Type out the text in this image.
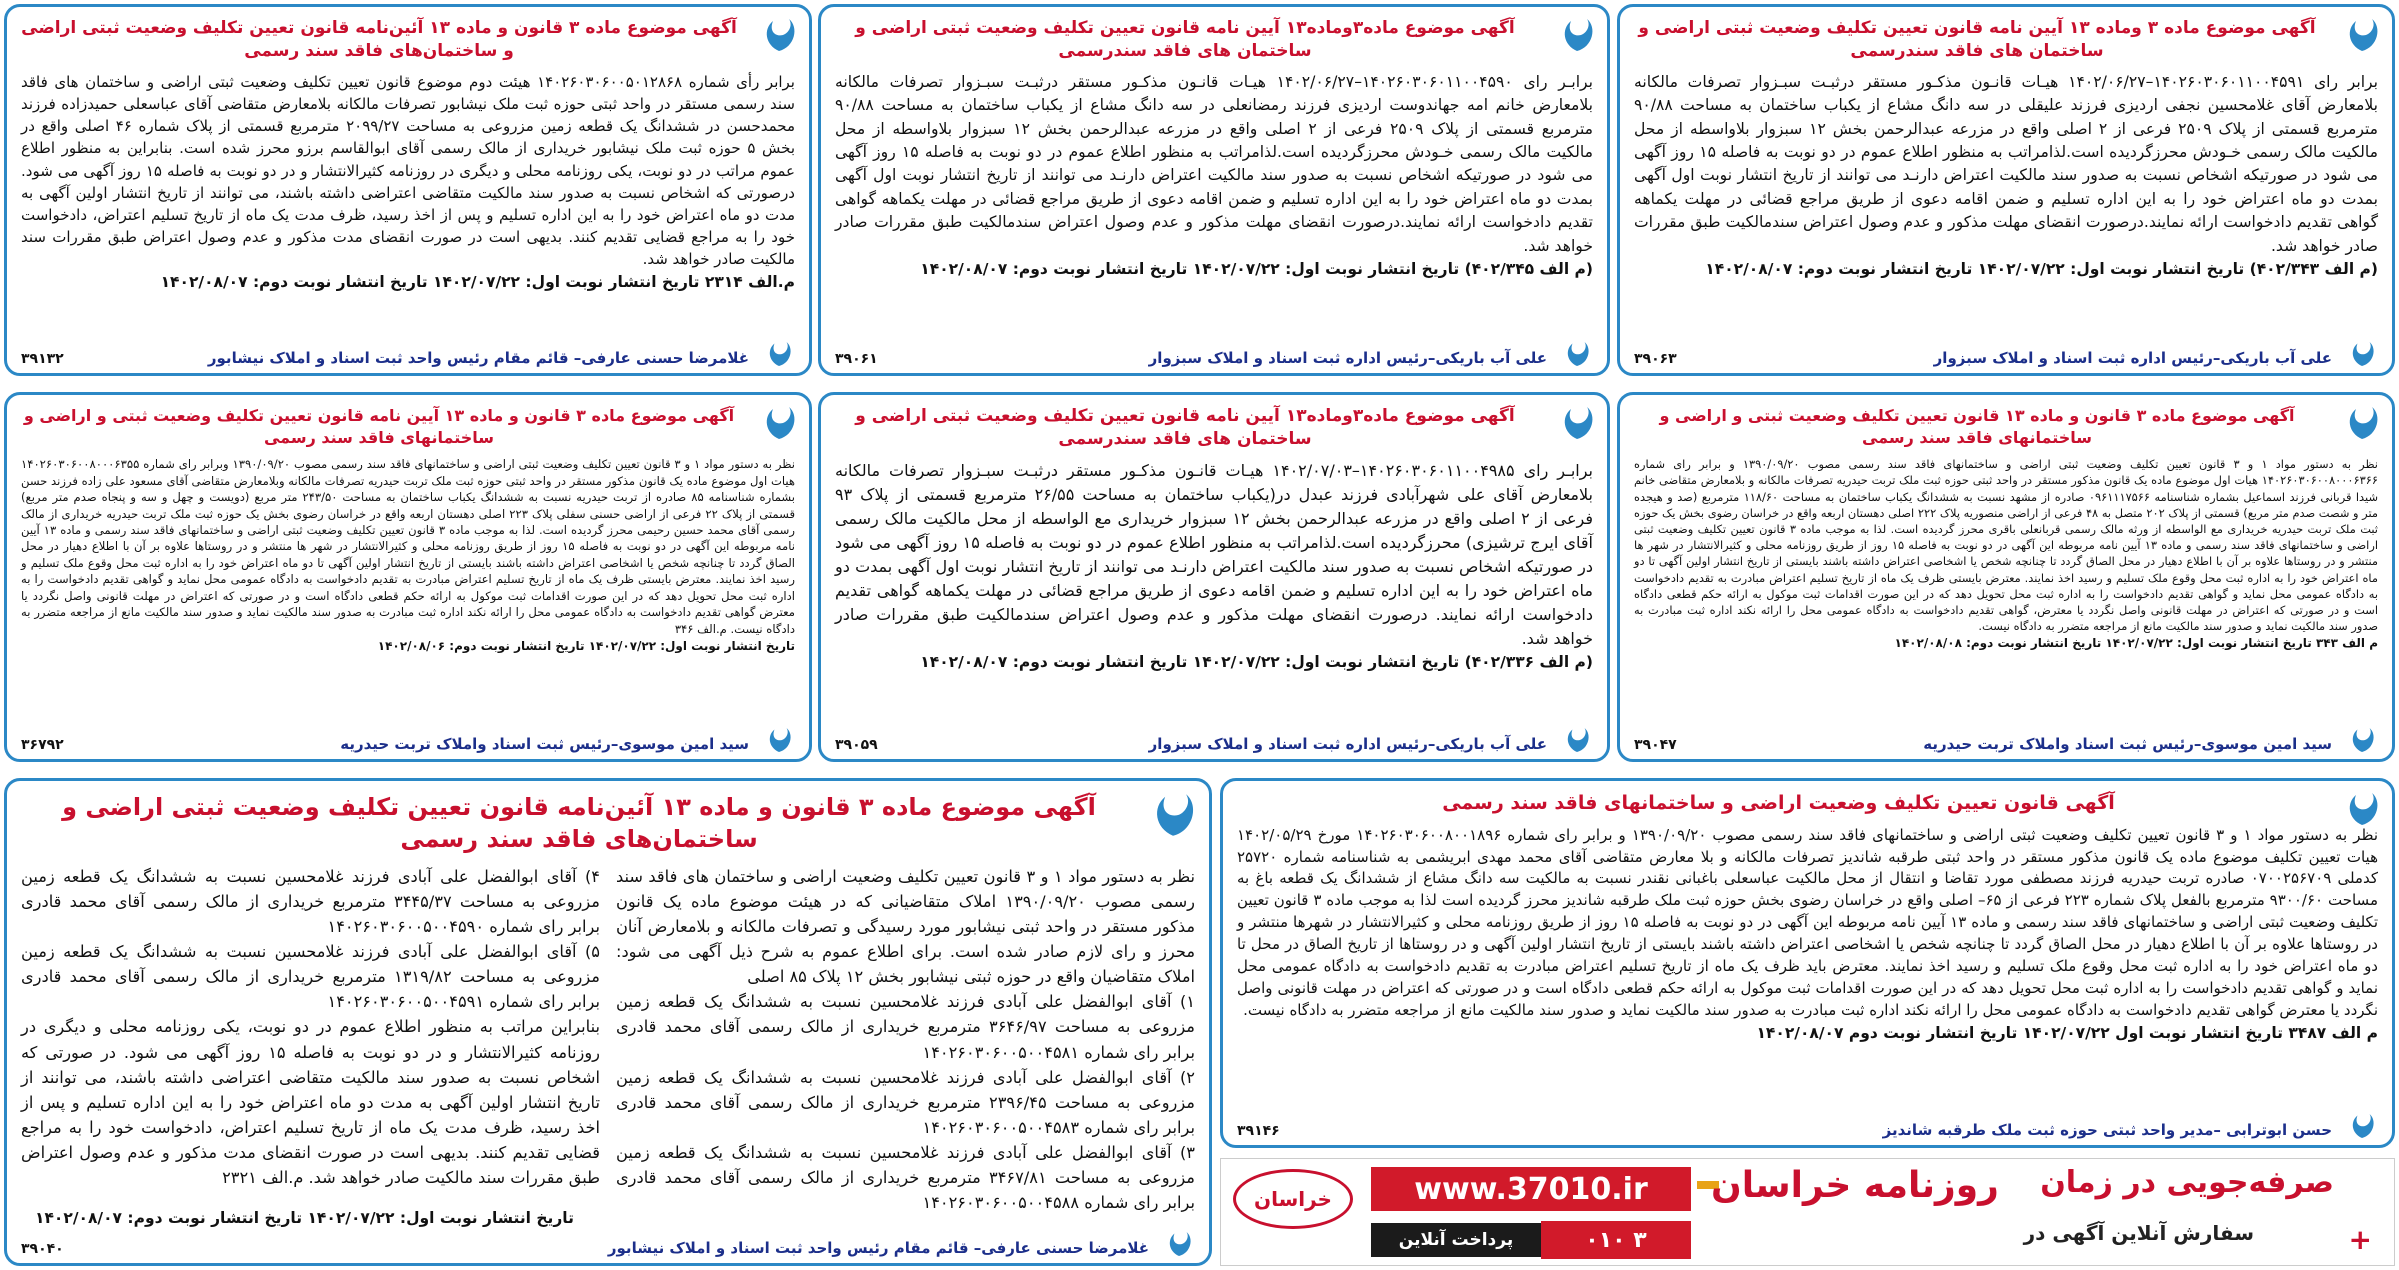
آگهی موضوع ماده ۳ وماده ۱۳ آیین نامه قانون تعیین تکلیف وضعیت ثبتی اراضی و ساختمان های فاقد سندرسمی
برابر رای ۱۴۰۲۶۰۳۰۶۰۱۱۰۰۴۵۹۱–۱۴۰۲/۰۶/۲۷ هیـات قانـون مذکـور مستقر درثبـت سبـزوار تصرفات مالکانه بلامعارض آقای غلامحسین نجفی اردیزی فرزند علیقلی در سه دانگ مشاع از یکباب ساختمان به مساحت ۹۰/۸۸ مترمربع قسمتی از پلاک ۲۵۰۹ فرعی از ۲ اصلی واقع در مزرعه عبدالرحمن بخش ۱۲ سبزوار بلاواسطه از محل مالکیت مالک رسمی خـودش محرزگردیده است.لذامراتب به منظور اطلاع عموم در دو نوبت به فاصله ۱۵ روز آگهی می شود در صورتیکه اشخاص نسبت به صدور سند مالکیت اعتراض دارنـد می توانند از تاریخ انتشار نوبت اول آگهی بمدت دو ماه اعتراض خود را به این اداره تسلیم و ضمن اقامه دعوی از طریق مراجع قضائی در مهلت یکماهه گواهی تقدیم دادخواست ارائه نمایند.درصورت انقضای مهلت مذکور و عدم وصول اعتراض سندمالکیت طبق مقررات صادر خواهد شد.
(م الف ۴۰۲/۳۴۳) تاریخ انتشار نوبت اول: ۱۴۰۲/۰۷/۲۲ تاریخ انتشار نوبت دوم: ۱۴۰۲/۰۸/۰۷
علی آب باریکی–رئیس اداره ثبت اسناد و املاک سبزوار
۳۹۰۶۳
آگهی موضوع ماده۳وماده۱۳ آیین نامه قانون تعیین تکلیف وضعیت ثبتی اراضی و ساختمان های فاقد سندرسمی
برابـر رای ۱۴۰۲۶۰۳۰۶۰۱۱۰۰۴۵۹۰–۱۴۰۲/۰۶/۲۷ هیـات قانـون مذکـور مستقر درثبـت سبـزوار تصرفات مالکانه بلامعارض خانم امه جهاندوست اردیزی فرزند رمضانعلی در سه دانگ مشاع از یکباب ساختمان به مساحت ۹۰/۸۸ مترمربع قسمتی از پلاک ۲۵۰۹ فرعی از ۲ اصلی واقع در مزرعه عبدالرحمن بخش ۱۲ سبزوار بلاواسطه از محل مالکیت مالک رسمی خـودش محرزگردیده است.لذامراتب به منظور اطلاع عموم در دو نوبت به فاصله ۱۵ روز آگهی می شود در صورتیکه اشخاص نسبت به صدور سند مالکیت اعتراض دارنـد می توانند از تاریخ انتشار نوبت اول آگهی بمدت دو ماه اعتراض خود را به این اداره تسلیم و ضمن اقامه دعوی از طریق مراجع قضائی در مهلت یکماهه گواهی تقدیم دادخواست ارائه نمایند.درصورت انقضای مهلت مذکور و عدم وصول اعتراض سندمالکیت طبق مقررات صادر خواهد شد.
(م الف ۴۰۲/۳۴۵) تاریخ انتشار نوبت اول: ۱۴۰۲/۰۷/۲۲ تاریخ انتشار نوبت دوم: ۱۴۰۲/۰۸/۰۷
علی آب باریکی–رئیس اداره ثبت اسناد و املاک سبزوار
۳۹۰۶۱
آگهی موضوع ماده ۳ قانون و ماده ۱۳ آئین‌نامه قانون تعیین تکلیف وضعیت ثبتی اراضی و ساختمان‌های فاقد سند رسمی
برابر رأی شماره ۱۴۰۲۶۰۳۰۶۰۰۵۰۱۲۸۶۸ هیئت دوم موضوع قانون تعیین تکلیف وضعیت ثبتی اراضی و ساختمان های فاقد سند رسمی مستقر در واحد ثبتی حوزه ثبت ملک نیشابور تصرفات مالکانه بلامعارض متقاضی آقای عباسعلی حمیدزاده فرزند محمدحسن در ششدانگ یک قطعه زمین مزروعی به مساحت ۲۰۹۹/۲۷ مترمربع قسمتی از پلاک شماره ۴۶ اصلی واقع در بخش ۵ حوزه ثبت ملک نیشابور خریداری از مالک رسمی آقای ابوالقاسم برزو محرز شده است. بنابراین به منظور اطلاع عموم مراتب در دو نوبت، یکی روزنامه محلی و دیگری در روزنامه کثیرالانتشار و در دو نوبت به فاصله ۱۵ روز آگهی می شود. درصورتی که اشخاص نسبت به صدور سند مالکیت متقاضی اعتراضی داشته باشند، می توانند از تاریخ انتشار اولین آگهی به مدت دو ماه اعتراض خود را به این اداره تسلیم و پس از اخذ رسید، ظرف مدت یک ماه از تاریخ تسلیم اعتراض، دادخواست خود را به مراجع قضایی تقدیم کنند. بدیهی است در صورت انقضای مدت مذکور و عدم وصول اعتراض طبق مقررات سند مالکیت صادر خواهد شد.
م.الف ۲۳۱۴ تاریخ انتشار نوبت اول: ۱۴۰۲/۰۷/۲۲ تاریخ انتشار نوبت دوم: ۱۴۰۲/۰۸/۰۷
غلامرضا حسنی عارفی– قائم مقام رئیس واحد ثبت اسناد و املاک نیشابور
۳۹۱۳۲
آگهی موضوع ماده ۳ قانون و ماده ۱۳ قانون تعیین تکلیف وضعیت ثبتی و اراضی و ساختمانهای فاقد سند رسمی
نظر به دستور مواد ۱ و ۳ قانون تعیین تکلیف وضعیت ثبتی اراضی و ساختمانهای فاقد سند رسمی مصوب ۱۳۹۰/۰۹/۲۰ و برابر رای شماره ۱۴۰۲۶۰۳۰۶۰۰۸۰۰۰۶۳۶۶ هیات اول موضوع ماده یک قانون مذکور مستقر در واحد ثبتی حوزه ثبت ملک تربت حیدریه تصرفات مالکانه و بلامعارض متقاضی خانم شیدا قربانی فرزند اسماعیل بشماره شناسنامه ۰۹۶۱۱۱۷۵۶۶ صادره از مشهد نسبت به ششدانگ یکباب ساختمان به مساحت ۱۱۸/۶۰ مترمربع (صد و هیجده متر و شصت صدم متر مربع) قسمتی از پلاک ۲۰۲ متصل به ۴۸ فرعی از اراضی منصوریه پلاک ۲۲۲ اصلی دهستان اربعه واقع در خراسان رضوی بخش یک حوزه ثبت ملک تربت حیدریه خریداری مع الواسطه از ورثه مالک رسمی قربانعلی باقری محرز گردیده است. لذا به موجب ماده ۳ قانون تعیین تکلیف وضعیت ثبتی اراضی و ساختمانهای فاقد سند رسمی و ماده ۱۳ آیین نامه مربوطه این آگهی در دو نوبت به فاصله ۱۵ روز از طریق روزنامه محلی و کثیرالانتشار در شهر ها منتشر و در روستاها علاوه بر آن با اطلاع دهیار در محل الصاق گردد تا چنانچه شخص یا اشخاصی اعتراض داشته باشند بایستی از تاریخ انتشار اولین آگهی تا دو ماه اعتراض خود را به اداره ثبت محل وقوع ملک تسلیم و رسید اخذ نمایند. معترض بایستی ظرف یک ماه از تاریخ تسلیم اعتراض مبادرت به تقدیم دادخواست به دادگاه عمومی محل نماید و گواهی تقدیم دادخواست را به اداره ثبت محل تحویل دهد که در این صورت اقدامات ثبت موکول به ارائه حکم قطعی دادگاه است و در صورتی که اعتراض در مهلت قانونی واصل نگردد یا معترض، گواهی تقدیم دادخواست به دادگاه عمومی محل را ارائه نکند اداره ثبت مبادرت به صدور سند مالکیت نماید و صدور سند مالکیت مانع از مراجعه متضرر به دادگاه نیست.
م الف ۳۴۳ تاریخ انتشار نوبت اول: ۱۴۰۲/۰۷/۲۲ تاریخ انتشار نوبت دوم: ۱۴۰۲/۰۸/۰۸
سید امین موسوی–رئیس ثبت اسناد واملاک تربت حیدریه
۳۹۰۴۷
آگهی موضوع ماده۳وماده۱۳ آیین نامه قانون تعیین تکلیف وضعیت ثبتی اراضی و ساختمان های فاقد سندرسمی
برابـر رای ۱۴۰۲۶۰۳۰۶۰۱۱۰۰۴۹۸۵–۱۴۰۲/۰۷/۰۳ هیـات قانـون مذکـور مستقر درثبـت سبـزوار تصرفات مالکانه بلامعارض آقای علی شهرآبادی فرزند عبدل در(یکباب ساختمان به مساحت ۲۶/۵۵ مترمربع قسمتی از پلاک ۹۳ فرعی از ۲ اصلی واقع در مزرعه عبدالرحمن بخش ۱۲ سبزوار خریداری مع الواسطه از محل مالکیت مالک رسمی آقای ایرج ترشیزی) محرزگردیده است.لذامراتب به منظور اطلاع عموم در دو نوبت به فاصله ۱۵ روز آگهی می شود در صورتیکه اشخاص نسبت به صدور سند مالکیت اعتراض دارنـد می توانند از تاریخ انتشار نوبت اول آگهی بمدت دو ماه اعتراض خود را به این اداره تسلیم و ضمن اقامه دعوی از طریق مراجع قضائی در مهلت یکماهه گواهی تقدیم دادخواست ارائه نمایند. درصورت انقضای مهلت مذکور و عدم وصول اعتراض سندمالکیت طبق مقررات صادر خواهد شد.
(م الف ۴۰۲/۳۳۶) تاریخ انتشار نوبت اول: ۱۴۰۲/۰۷/۲۲ تاریخ انتشار نوبت دوم: ۱۴۰۲/۰۸/۰۷
علی آب باریکی–رئیس اداره ثبت اسناد و املاک سبزوار
۳۹۰۵۹
آگهی موضوع ماده ۳ قانون و ماده ۱۳ آیین نامه قانون تعیین تکلیف وضعیت ثبتی و اراضی و ساختمانهای فاقد سند رسمی
نظر به دستور مواد ۱ و ۳ قانون تعیین تکلیف وضعیت ثبتی اراضی و ساختمانهای فاقد سند رسمی مصوب ۱۳۹۰/۰۹/۲۰ وبرابر رای شماره ۱۴۰۲۶۰۳۰۶۰۰۸۰۰۰۶۳۵۵ هیات اول موضوع ماده یک قانون مذکور مستقر در واحد ثبتی حوزه ثبت ملک تربت حیدریه تصرفات مالکانه وبلامعارض متقاضی آقای مسعود علی زاده فرزند حسن بشماره شناسنامه ۸۵ صادره از تربت حیدریه نسبت به ششدانگ یکباب ساختمان به مساحت ۲۴۳/۵۰ متر مربع (دویست و چهل و سه و پنجاه صدم متر مربع) قسمتی از پلاک ۲۲ فرعی از اراضی حسنی سفلی پلاک ۲۲۳ اصلی دهستان اربعه واقع در خراسان رضوی بخش یک حوزه ثبت ملک تربت حیدریه خریداری از مالک رسمی آقای محمد حسین رحیمی محرز گردیده است. لذا به موجب ماده ۳ قانون تعیین تکلیف وضعیت ثبتی اراضی و ساختمانهای فاقد سند رسمی و ماده ۱۳ آیین نامه مربوطه این آگهی در دو نوبت به فاصله ۱۵ روز از طریق روزنامه محلی و کثیرالانتشار در شهر ها منتشر و در روستاها علاوه بر آن با اطلاع دهیار در محل الصاق گردد تا چنانچه شخص یا اشخاصی اعتراض داشته باشند بایستی از تاریخ انتشار اولین آگهی تا دو ماه اعتراض خود را به اداره ثبت محل وقوع ملک تسلیم و رسید اخذ نمایند. معترض بایستی ظرف یک ماه از تاریخ تسلیم اعتراض مبادرت به تقدیم دادخواست به دادگاه عمومی محل نماید و گواهی تقدیم دادخواست را به اداره ثبت محل تحویل دهد که در این صورت اقدامات ثبت موکول به ارائه حکم قطعی دادگاه است و در صورتی که اعتراض در مهلت قانونی واصل نگردد یا معترض گواهی تقدیم دادخواست به دادگاه عمومی محل را ارائه نکند اداره ثبت مبادرت به صدور سند مالکیت نماید و صدور سند مالکیت مانع از مراجعه متضرر به دادگاه نیست. م.الف ۳۴۶
تاریخ انتشار نوبت اول: ۱۴۰۲/۰۷/۲۲ تاریخ انتشار نوبت دوم: ۱۴۰۲/۰۸/۰۶
سید امین موسوی–رئیس ثبت اسناد واملاک تربت حیدریه
۳۶۷۹۲
آگهی قانون تعیین تکلیف وضعیت اراضی و ساختمانهای فاقد سند رسمی
نظر به دستور مواد ۱ و ۳ قانون تعیین تکلیف وضعیت ثبتی اراضی و ساختمانهای فاقد سند رسمی مصوب ۱۳۹۰/۰۹/۲۰ و برابر رای شماره ۱۴۰۲۶۰۳۰۶۰۰۸۰۰۱۸۹۶ مورخ ۱۴۰۲/۰۵/۲۹ هیات تعیین تکلیف موضوع ماده یک قانون مذکور مستقر در واحد ثبتی طرقبه شاندیز تصرفات مالکانه و بلا معارض متقاضی آقای محمد مهدی ابریشمی به شناسنامه شماره ۲۵۷۲۰ کدملی ۰۷۰۰۲۵۶۷۰۹ صادره تربت حیدریه فرزند مصطفی مورد تقاضا و انتقال از محل مالکیت عباسعلی باغبانی نقندر نسبت به مالکیت سه دانگ مشاع از ششدانگ یک قطعه باغ به مساحت ۹۳۰۰/۶۰ مترمربع بالفعل پلاک شماره ۲۲۳ فرعی از ۶۵– اصلی واقع در خراسان رضوی بخش حوزه ثبت ملک طرقبه شاندیز محرز گردیده است لذا به موجب ماده ۳ قانون تعیین تکلیف وضعیت ثبتی اراضی و ساختمانهای فاقد سند رسمی و ماده ۱۳ آیین نامه مربوطه این آگهی در دو نوبت به فاصله ۱۵ روز از طریق روزنامه محلی و کثیرالانتشار در شهرها منتشر و در روستاها علاوه بر آن با اطلاع دهیار در محل الصاق گردد تا چنانچه شخص یا اشخاصی اعتراض داشته باشند بایستی از تاریخ انتشار اولین آگهی و در روستاها از تاریخ الصاق در محل تا دو ماه اعتراض خود را به اداره ثبت محل وقوع ملک تسلیم و رسید اخذ نمایند. معترض باید ظرف یک ماه از تاریخ تسلیم اعتراض مبادرت به تقدیم دادخواست به دادگاه عمومی محل نماید و گواهی تقدیم دادخواست را به اداره ثبت محل تحویل دهد که در این صورت اقدامات ثبت موکول به ارائه حکم قطعی دادگاه است و در صورتی که اعتراض در مهلت قانونی واصل نگردد یا معترض گواهی تقدیم دادخواست به دادگاه عمومی محل را ارائه نکند اداره ثبت مبادرت به صدور سند مالکیت نماید و صدور سند مالکیت مانع از مراجعه متضرر به دادگاه نیست.
م الف ۳۴۸۷ تاریخ انتشار نوبت اول ۱۴۰۲/۰۷/۲۲ تاریخ انتشار نوبت دوم ۱۴۰۲/۰۸/۰۷
حسن ابوترابی –مدیر واحد ثبتی حوزه ثبت ملک طرقبه شاندیز
۳۹۱۴۶
آگهی موضوع ماده ۳ قانون و ماده ۱۳ آئین‌نامه قانون تعیین تکلیف وضعیت ثبتی اراضی و ساختمان‌های فاقد سند رسمی
نظر به دستور مواد ۱ و ۳ قانون تعیین تکلیف وضعیت اراضی و ساختمان های فاقد سند رسمی مصوب ۱۳۹۰/۰۹/۲۰ املاک متقاضیانی که در هیئت موضوع ماده یک قانون مذکور مستقر در واحد ثبتی نیشابور مورد رسیدگی و تصرفات مالکانه و بلامعارض آنان محرز و رای لازم صادر شده است. برای اطلاع عموم به شرح ذیل آگهی می شود: املاک متقاضیان واقع در حوزه ثبتی نیشابور بخش ۱۲ پلاک ۸۵ اصلی
۱) آقای ابوالفضل علی آبادی فرزند غلامحسین نسبت به ششدانگ یک قطعه زمین مزروعی به مساحت ۳۶۴۶/۹۷ مترمربع خریداری از مالک رسمی آقای محمد قادری برابر رای شماره ۱۴۰۲۶۰۳۰۶۰۰۵۰۰۴۵۸۱
۲) آقای ابوالفضل علی آبادی فرزند غلامحسین نسبت به ششدانگ یک قطعه زمین مزروعی به مساحت ۲۳۹۶/۴۵ مترمربع خریداری از مالک رسمی آقای محمد قادری برابر رای شماره ۱۴۰۲۶۰۳۰۶۰۰۵۰۰۴۵۸۳
۳) آقای ابوالفضل علی آبادی فرزند غلامحسین نسبت به ششدانگ یک قطعه زمین مزروعی به مساحت ۳۴۶۷/۸۱ مترمربع خریداری از مالک رسمی آقای محمد قادری برابر رای شماره ۱۴۰۲۶۰۳۰۶۰۰۵۰۰۴۵۸۸
۴) آقای ابوالفضل علی آبادی فرزند غلامحسین نسبت به ششدانگ یک قطعه زمین مزروعی به مساحت ۳۴۴۵/۳۷ مترمربع خریداری از مالک رسمی آقای محمد قادری برابر رای شماره ۱۴۰۲۶۰۳۰۶۰۰۵۰۰۴۵۹۰
۵) آقای ابوالفضل علی آبادی فرزند غلامحسین نسبت به ششدانگ یک قطعه زمین مزروعی به مساحت ۱۳۱۹/۸۲ مترمربع خریداری از مالک رسمی آقای محمد قادری برابر رای شماره ۱۴۰۲۶۰۳۰۶۰۰۵۰۰۴۵۹۱
بنابراین مراتب به منظور اطلاع عموم در دو نوبت، یکی روزنامه محلی و دیگری در روزنامه کثیرالانتشار و در دو نوبت به فاصله ۱۵ روز آگهی می شود. در صورتی که اشخاص نسبت به صدور سند مالکیت متقاضی اعتراضی داشته باشند، می توانند از تاریخ انتشار اولین آگهی به مدت دو ماه اعتراض خود را به این اداره تسلیم و پس از اخذ رسید، ظرف مدت یک ماه از تاریخ تسلیم اعتراض، دادخواست خود را به مراجع قضایی تقدیم کنند. بدیهی است در صورت انقضای مدت مذکور و عدم وصول اعتراض طبق مقررات سند مالکیت صادر خواهد شد. م.الف ۲۳۲۱
تاریخ انتشار نوبت اول: ۱۴۰۲/۰۷/۲۲ تاریخ انتشار نوبت دوم: ۱۴۰۲/۰۸/۰۷
غلامرضا حسنی عارفی– قائم مقام رئیس واحد ثبت اسناد و املاک نیشابور
۳۹۰۴۰
خراسان	www.37010.ir	روزنامه خراسان صرفه‌جویی در زمان
سفارش آنلاین آگهی در
پرداخت آنلاین	۳ ۰۱۰	+
